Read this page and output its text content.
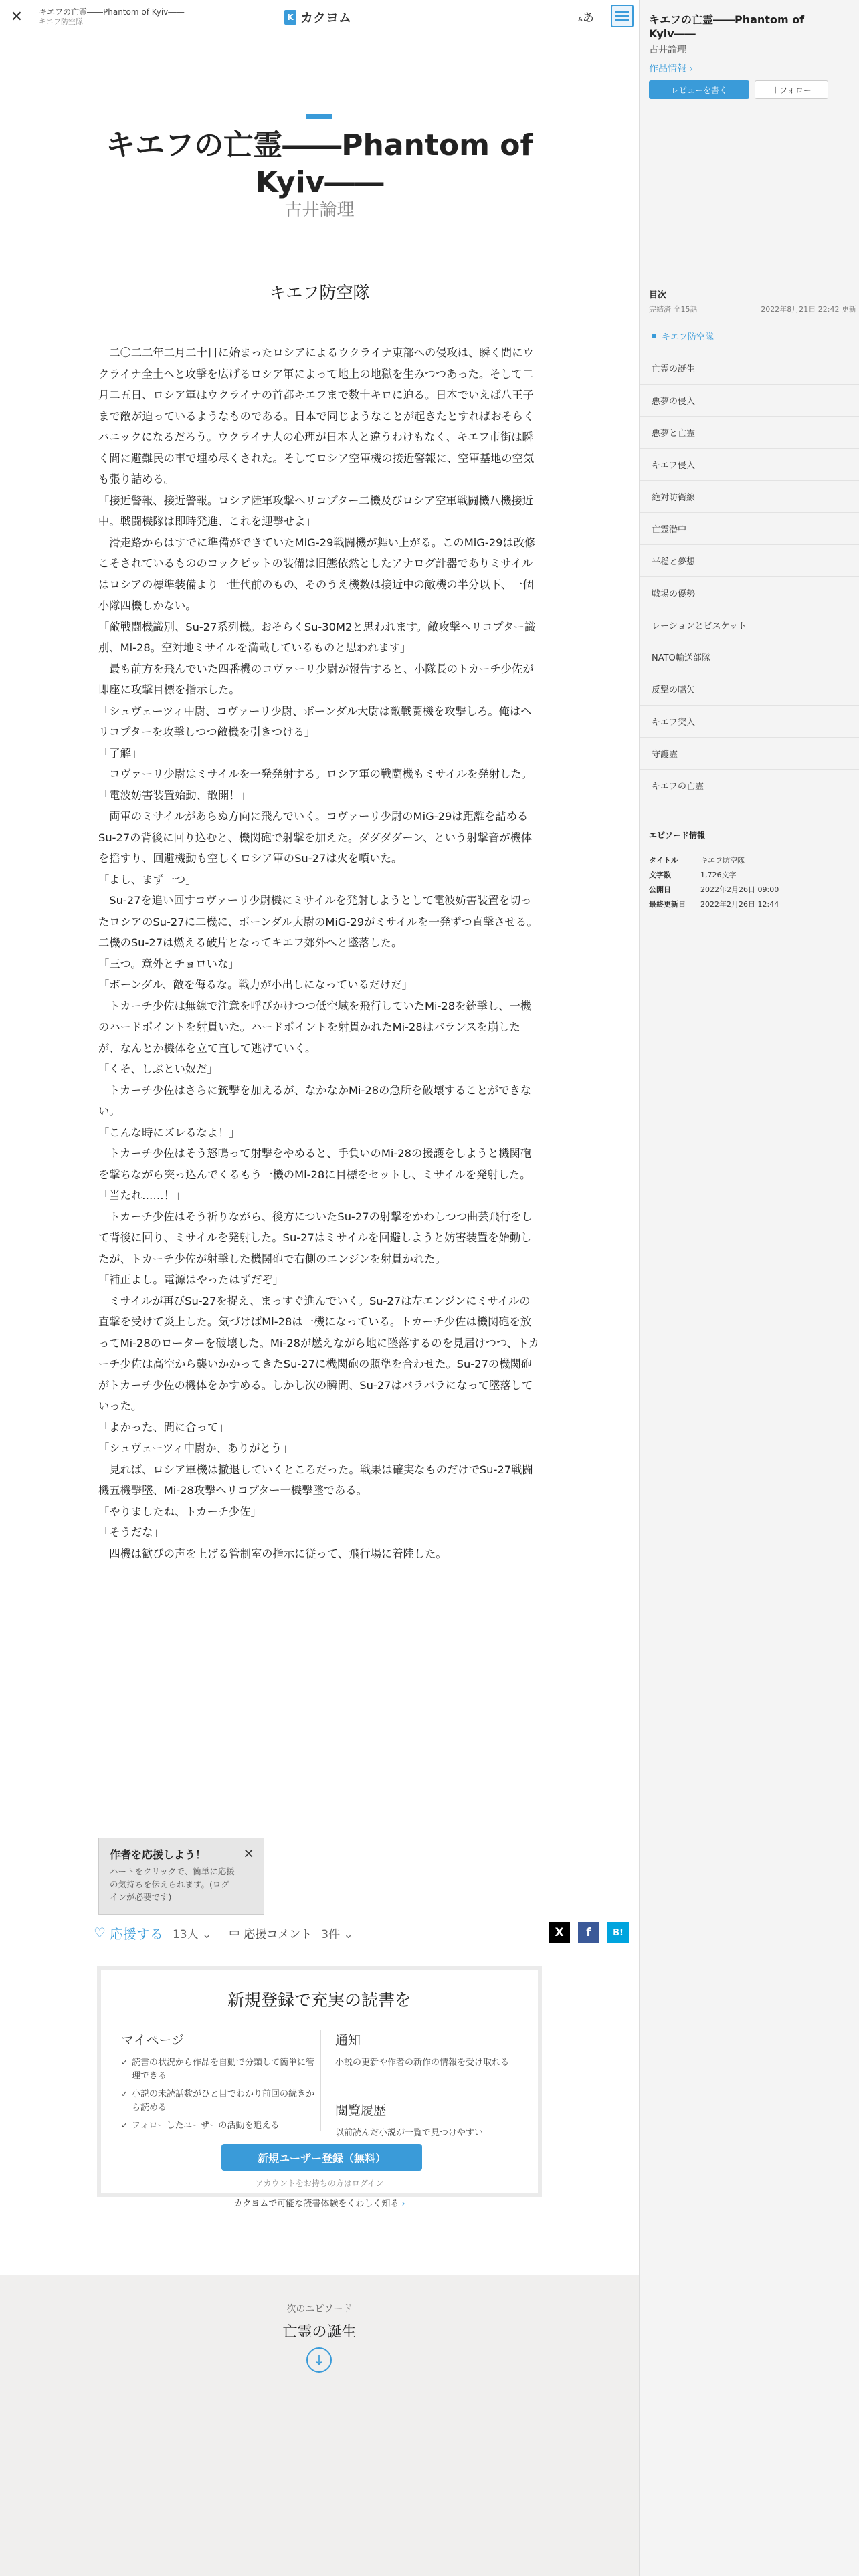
✕	キエフの亡霊――Phantom of Kyiv――
キエフ防空隊	K カクヨム	Aあ
キエフの亡霊――Phantom of Kyiv――
古井論理
キエフ防空隊

　二〇二二年二月二十日に始まったロシアによるウクライナ東部への侵攻は、瞬く間にウクライナ全土へと攻撃を広げるロシア軍によって地上の地獄を生みつつあった。そして二月二五日、ロシア軍はウクライナの首都キエフまで数十キロに迫る。日本でいえば八王子まで敵が迫っているようなものである。日本で同じようなことが起きたとすればおそらくパニックになるだろう。ウクライナ人の心理が日本人と違うわけもなく、キエフ市街は瞬く間に避難民の車で埋め尽くされた。そしてロシア空軍機の接近警報に、空軍基地の空気も張り詰める。

「接近警報、接近警報。ロシア陸軍攻撃ヘリコプター二機及びロシア空軍戦闘機八機接近中。戦闘機隊は即時発進、これを迎撃せよ」

　滑走路からはすでに準備ができていたMiG-29戦闘機が舞い上がる。このMiG-29は改修こそされているもののコックピットの装備は旧態依然としたアナログ計器でありミサイルはロシアの標準装備より一世代前のもの、そのうえ機数は接近中の敵機の半分以下、一個小隊四機しかない。

「敵戦闘機識別、Su-27系列機。おそらくSu-30M2と思われます。敵攻撃ヘリコプター識別、Mi-28。空対地ミサイルを満載しているものと思われます」

　最も前方を飛んでいた四番機のコヴァーリ少尉が報告すると、小隊長のトカーチ少佐が即座に攻撃目標を指示した。

「シュヴェーツィ中尉、コヴァーリ少尉、ボーンダル大尉は敵戦闘機を攻撃しろ。俺はヘリコプターを攻撃しつつ敵機を引きつける」

「了解」

　コヴァーリ少尉はミサイルを一発発射する。ロシア軍の戦闘機もミサイルを発射した。

「電波妨害装置始動、散開！」

　両軍のミサイルがあらぬ方向に飛んでいく。コヴァーリ少尉のMiG-29は距離を詰めるSu-27の背後に回り込むと、機関砲で射撃を加えた。ダダダダーン、という射撃音が機体を揺すり、回避機動も空しくロシア軍のSu-27は火を噴いた。

「よし、まず一つ」

　Su-27を追い回すコヴァーリ少尉機にミサイルを発射しようとして電波妨害装置を切ったロシアのSu-27に二機に、ボーンダル大尉のMiG-29がミサイルを一発ずつ直撃させる。二機のSu-27は燃える破片となってキエフ郊外へと墜落した。

「三つ。意外とチョロいな」

「ボーンダル、敵を侮るな。戦力が小出しになっているだけだ」

　トカーチ少佐は無線で注意を呼びかけつつ低空域を飛行していたMi-28を銃撃し、一機のハードポイントを射貫いた。ハードポイントを射貫かれたMi-28はバランスを崩したが、なんとか機体を立て直して逃げていく。

「くそ、しぶとい奴だ」

　トカーチ少佐はさらに銃撃を加えるが、なかなかMi-28の急所を破壊することができない。

「こんな時にズレるなよ！」

　トカーチ少佐はそう怒鳴って射撃をやめると、手負いのMi-28の援護をしようと機関砲を撃ちながら突っ込んでくるもう一機のMi-28に目標をセットし、ミサイルを発射した。

「当たれ……！」

　トカーチ少佐はそう祈りながら、後方についたSu-27の射撃をかわしつつ曲芸飛行をして背後に回り、ミサイルを発射した。Su-27はミサイルを回避しようと妨害装置を始動したが、トカーチ少佐が射撃した機関砲で右側のエンジンを射貫かれた。

「補正よし。電源はやったはずだぞ」

　ミサイルが再びSu-27を捉え、まっすぐ進んでいく。Su-27は左エンジンにミサイルの直撃を受けて炎上した。気づけばMi-28は一機になっている。トカーチ少佐は機関砲を放ってMi-28のローターを破壊した。Mi-28が燃えながら地に墜落するのを見届けつつ、トカーチ少佐は高空から襲いかかってきたSu-27に機関砲の照準を合わせた。Su-27の機関砲がトカーチ少佐の機体をかすめる。しかし次の瞬間、Su-27はバラバラになって墜落していった。

「よかった、間に合って」

「シュヴェーツィ中尉か、ありがとう」

　見れば、ロシア軍機は撤退していくところだった。戦果は確実なものだけでSu-27戦闘機五機撃墜、Mi-28攻撃ヘリコプター一機撃墜である。

「やりましたね、トカーチ少佐」

「そうだな」

　四機は歓びの声を上げる管制室の指示に従って、飛行場に着陸した。

作者を応援しよう！
ハートをクリックで、簡単に応援の気持ちを伝えられます。(ログインが必要です)
×
♡ 応援する 13人 ⌄ ▭ 応援コメント 3件 ⌄	X	f	B!
新規登録で充実の読書を
マイページ
✓ 読書の状況から作品を自動で分類して簡単に管理できる
✓ 小説の未読話数がひと目でわかり前回の続きから読める
✓ フォローしたユーザーの活動を追える
通知
小説の更新や作者の新作の情報を受け取れる
閲覧履歴
以前読んだ小説が一覧で見つけやすい
新規ユーザー登録（無料）
アカウントをお持ちの方はログイン
カクヨムで可能な読書体験をくわしく知る ›
次のエピソード
亡霊の誕生
↓
キエフの亡霊――Phantom of Kyiv――
古井論理
作品情報 ›
レビューを書く	＋フォロー
目次
完結済 全15話	2022年8月21日 22:42 更新
キエフ防空隊
亡霊の誕生
悪夢の侵入
悪夢と亡霊
キエフ侵入
絶対防衛線
亡霊潜中
平穏と夢想
戦場の優勢
レーションとビスケット
NATO輸送部隊
反撃の嚆矢
キエフ突入
守護霊
キエフの亡霊
エピソード情報
タイトル	キエフ防空隊
文字数	1,726文字
公開日	2022年2月26日 09:00
最終更新日	2022年2月26日 12:44
